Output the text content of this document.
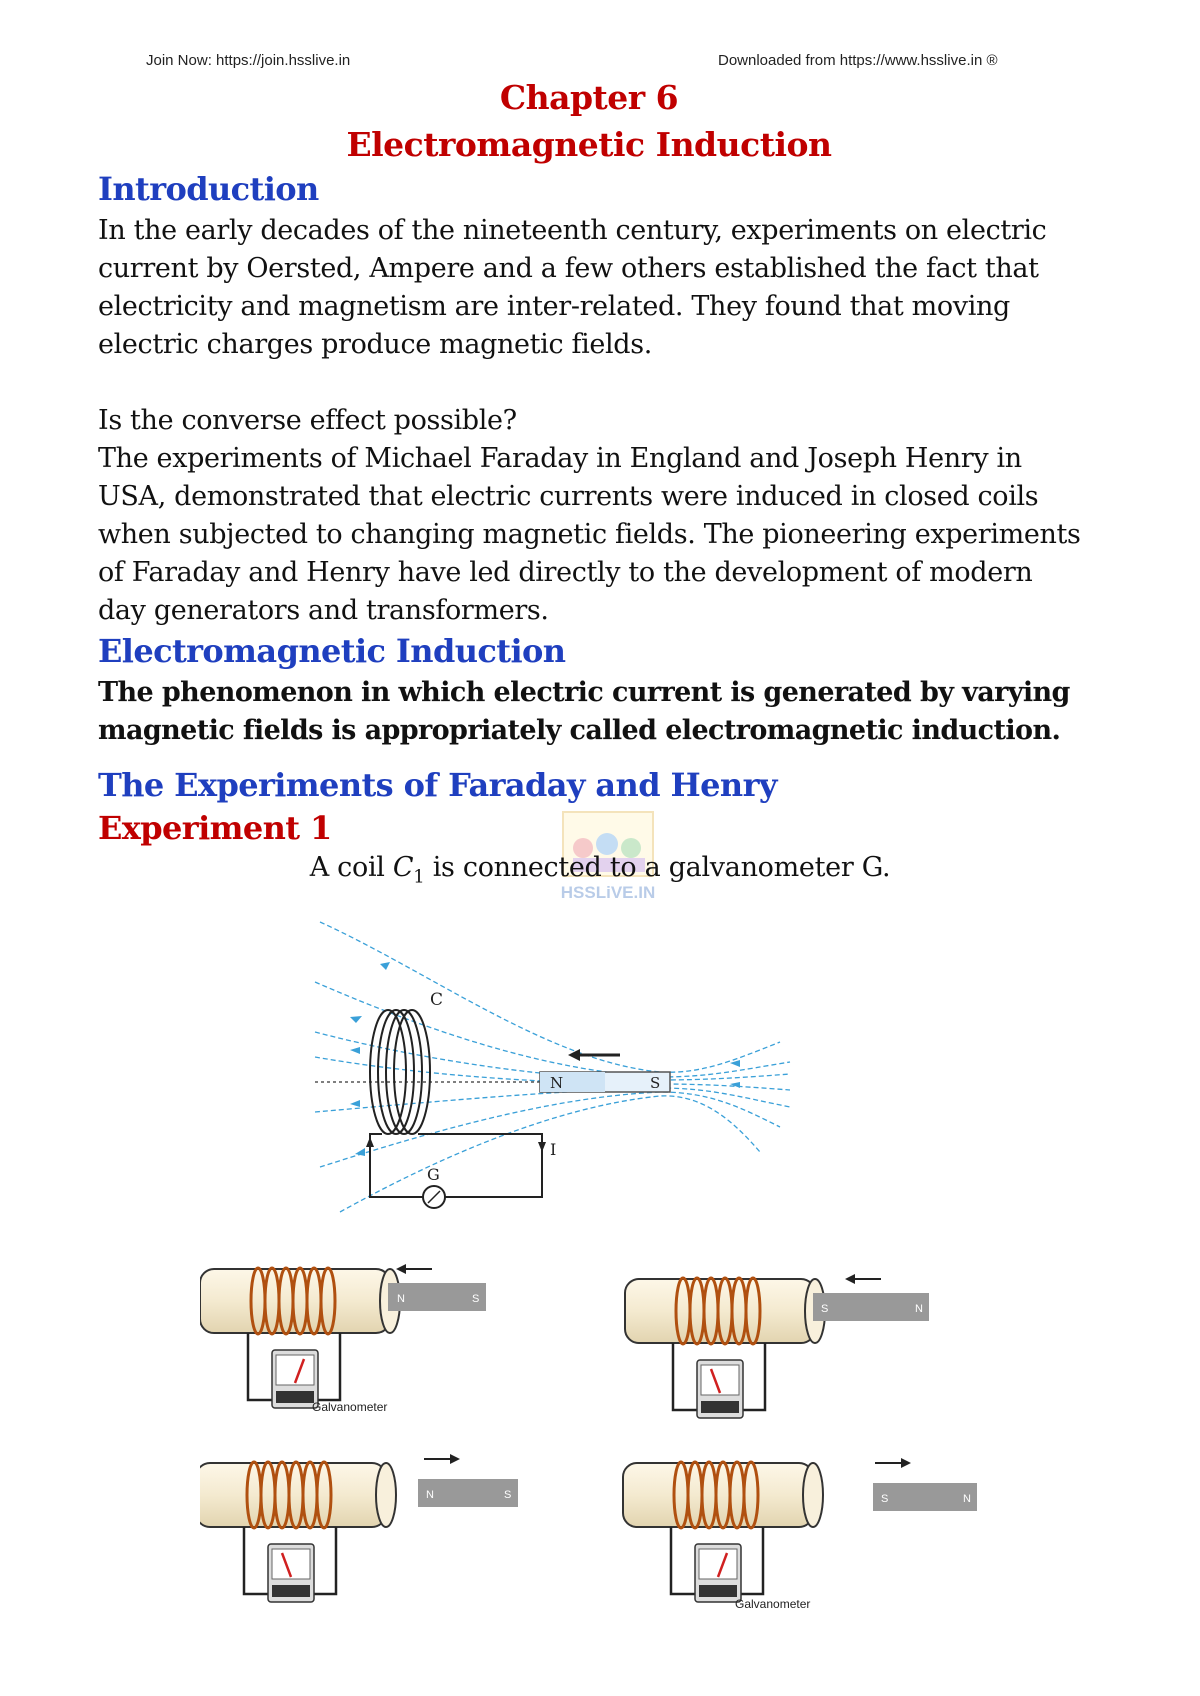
Join Now: https://join.hsslive.in	Downloaded from https://www.hsslive.in ®
Chapter 6
Electromagnetic Induction
Introduction

In the early decades of the nineteenth century, experiments on electric
current by Oersted, Ampere and a few others established the fact that
electricity and magnetism are inter-related. They found that moving
electric charges produce magnetic fields.

Is the converse effect possible?
The experiments of Michael Faraday in England and Joseph Henry in
USA, demonstrated that electric currents were induced in closed coils
when subjected to changing magnetic fields. The pioneering experiments
of Faraday and Henry have led directly to the development of modern
day generators and transformers.

Electromagnetic Induction

The phenomenon in which electric current is generated by varying
magnetic fields is appropriately called electromagnetic induction.

The Experiments of Faraday and Henry
Experiment 1
HSSLiVE.IN
A coil $C_1$ is connected to a galvanometer G.
C
I
G
N	S
Galvanometer
N	S
S	N
N	S
Galvanometer
S	N
